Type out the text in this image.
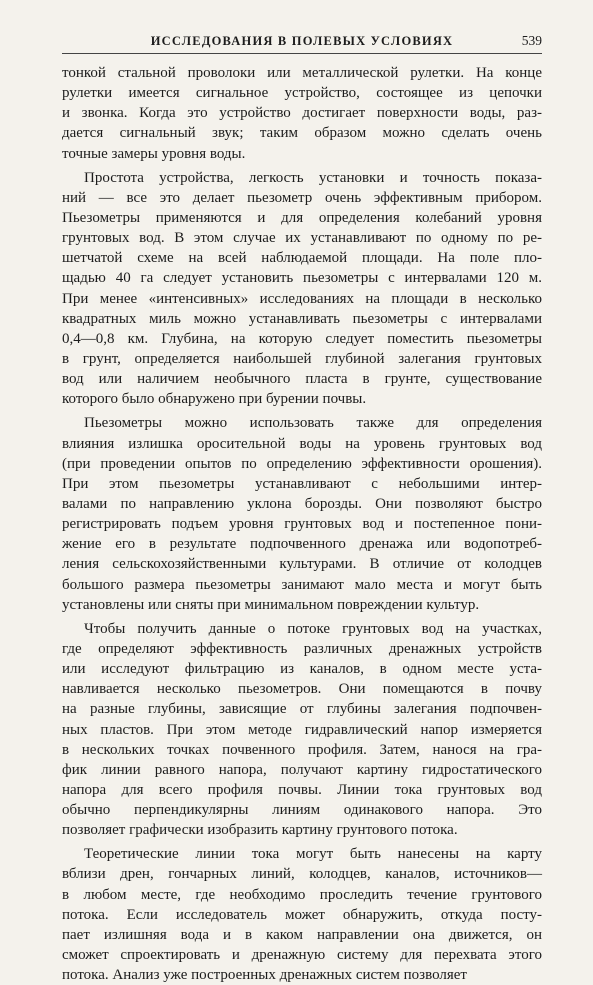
ИССЛЕДОВАНИЯ В ПОЛЕВЫХ УСЛОВИЯХ	539
тонкой стальной проволоки или металлической рулетки. На конце
рулетки имеется сигнальное устройство, состоящее из цепочки
и звонка. Когда это устройство достигает поверхности воды, раз-
дается сигнальный звук; таким образом можно сделать очень
точные замеры уровня воды.
Простота устройства, легкость установки и точность показа-
ний — все это делает пьезометр очень эффективным прибором.
Пьезометры применяются и для определения колебаний уровня
грунтовых вод. В этом случае их устанавливают по одному по ре-
шетчатой схеме на всей наблюдаемой площади. На поле пло-
щадью 40 га следует установить пьезометры с интервалами 120 м.
При менее «интенсивных» исследованиях на площади в несколько
квадратных миль можно устанавливать пьезометры с интервалами
0,4—0,8 км. Глубина, на которую следует поместить пьезометры
в грунт, определяется наибольшей глубиной залегания грунтовых
вод или наличием необычного пласта в грунте, существование
которого было обнаружено при бурении почвы.
Пьезометры можно использовать также для определения
влияния излишка оросительной воды на уровень грунтовых вод
(при проведении опытов по определению эффективности орошения).
При этом пьезометры устанавливают с небольшими интер-
валами по направлению уклона борозды. Они позволяют быстро
регистрировать подъем уровня грунтовых вод и постепенное пони-
жение его в результате подпочвенного дренажа или водопотреб-
ления сельскохозяйственными культурами. В отличие от колодцев
большого размера пьезометры занимают мало места и могут быть
установлены или сняты при минимальном повреждении культур.
Чтобы получить данные о потоке грунтовых вод на участках,
где определяют эффективность различных дренажных устройств
или исследуют фильтрацию из каналов, в одном месте уста-
навливается несколько пьезометров. Они помещаются в почву
на разные глубины, зависящие от глубины залегания подпочвен-
ных пластов. При этом методе гидравлический напор измеряется
в нескольких точках почвенного профиля. Затем, нанося на гра-
фик линии равного напора, получают картину гидростатического
напора для всего профиля почвы. Линии тока грунтовых вод
обычно перпендикулярны линиям одинакового напора. Это
позволяет графически изобразить картину грунтового потока.
Теоретические линии тока могут быть нанесены на карту
вблизи дрен, гончарных линий, колодцев, каналов, источников—
в любом месте, где необходимо проследить течение грунтового
потока. Если исследователь может обнаружить, откуда посту-
пает излишняя вода и в каком направлении она движется, он
сможет спроектировать и дренажную систему для перехвата этого
потока. Анализ уже построенных дренажных систем позволяет
